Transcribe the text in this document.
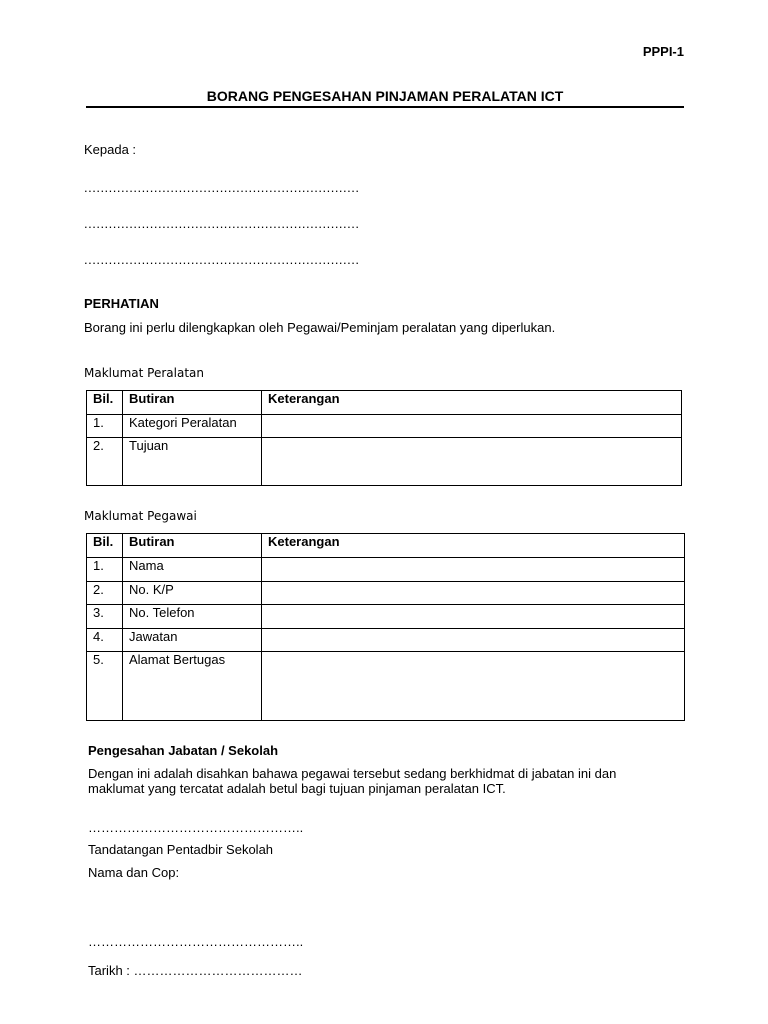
PPPI-1
BORANG PENGESAHAN PINJAMAN PERALATAN ICT
Kepada :
...................................................................
...................................................................
...................................................................
PERHATIAN
Borang ini perlu dilengkapkan oleh Pegawai/Peminjam peralatan yang diperlukan.
Maklumat Peralatan
Bil.	Butiran	Keterangan
1.	Kategori Peralatan	
2.	Tujuan	
Maklumat Pegawai
Bil.	Butiran	Keterangan
1.	Nama	
2.	No. K/P	
3.	No. Telefon	
4.	Jawatan	
5.	Alamat Bertugas	
Pengesahan Jabatan / Sekolah
Dengan ini adalah disahkan bahawa pegawai tersebut sedang berkhidmat di jabatan ini dan
maklumat yang tercatat adalah betul bagi tujuan pinjaman peralatan ICT.
…………………………………………..
Tandatangan Pentadbir Sekolah
Nama dan Cop:
…………………………………………..
Tarikh : …………………………………
